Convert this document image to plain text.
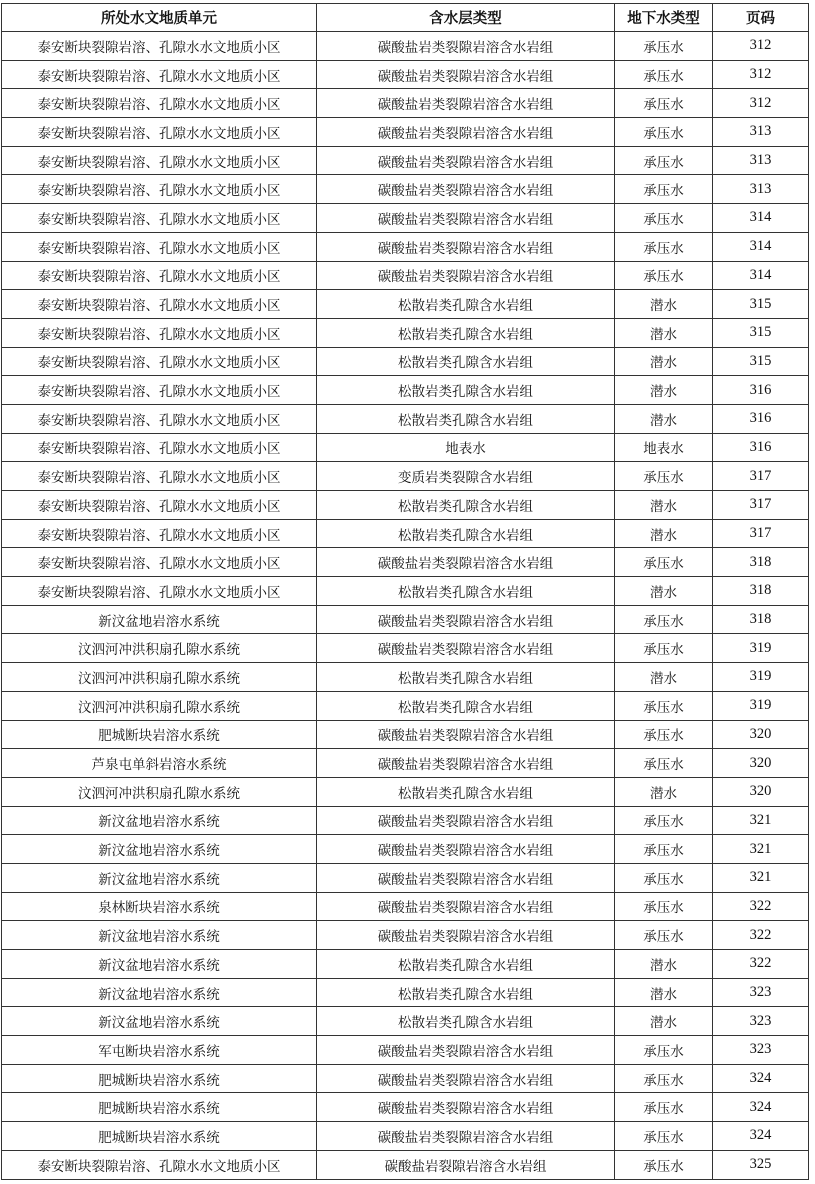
所处水文地质单元	含水层类型	地下水类型	页码
泰安断块裂隙岩溶、孔隙水水文地质小区	碳酸盐岩类裂隙岩溶含水岩组	承压水	312
泰安断块裂隙岩溶、孔隙水水文地质小区	碳酸盐岩类裂隙岩溶含水岩组	承压水	312
泰安断块裂隙岩溶、孔隙水水文地质小区	碳酸盐岩类裂隙岩溶含水岩组	承压水	312
泰安断块裂隙岩溶、孔隙水水文地质小区	碳酸盐岩类裂隙岩溶含水岩组	承压水	313
泰安断块裂隙岩溶、孔隙水水文地质小区	碳酸盐岩类裂隙岩溶含水岩组	承压水	313
泰安断块裂隙岩溶、孔隙水水文地质小区	碳酸盐岩类裂隙岩溶含水岩组	承压水	313
泰安断块裂隙岩溶、孔隙水水文地质小区	碳酸盐岩类裂隙岩溶含水岩组	承压水	314
泰安断块裂隙岩溶、孔隙水水文地质小区	碳酸盐岩类裂隙岩溶含水岩组	承压水	314
泰安断块裂隙岩溶、孔隙水水文地质小区	碳酸盐岩类裂隙岩溶含水岩组	承压水	314
泰安断块裂隙岩溶、孔隙水水文地质小区	松散岩类孔隙含水岩组	潜水	315
泰安断块裂隙岩溶、孔隙水水文地质小区	松散岩类孔隙含水岩组	潜水	315
泰安断块裂隙岩溶、孔隙水水文地质小区	松散岩类孔隙含水岩组	潜水	315
泰安断块裂隙岩溶、孔隙水水文地质小区	松散岩类孔隙含水岩组	潜水	316
泰安断块裂隙岩溶、孔隙水水文地质小区	松散岩类孔隙含水岩组	潜水	316
泰安断块裂隙岩溶、孔隙水水文地质小区	地表水	地表水	316
泰安断块裂隙岩溶、孔隙水水文地质小区	变质岩类裂隙含水岩组	承压水	317
泰安断块裂隙岩溶、孔隙水水文地质小区	松散岩类孔隙含水岩组	潜水	317
泰安断块裂隙岩溶、孔隙水水文地质小区	松散岩类孔隙含水岩组	潜水	317
泰安断块裂隙岩溶、孔隙水水文地质小区	碳酸盐岩类裂隙岩溶含水岩组	承压水	318
泰安断块裂隙岩溶、孔隙水水文地质小区	松散岩类孔隙含水岩组	潜水	318
新汶盆地岩溶水系统	碳酸盐岩类裂隙岩溶含水岩组	承压水	318
汶泗河冲洪积扇孔隙水系统	碳酸盐岩类裂隙岩溶含水岩组	承压水	319
汶泗河冲洪积扇孔隙水系统	松散岩类孔隙含水岩组	潜水	319
汶泗河冲洪积扇孔隙水系统	松散岩类孔隙含水岩组	承压水	319
肥城断块岩溶水系统	碳酸盐岩类裂隙岩溶含水岩组	承压水	320
芦泉屯单斜岩溶水系统	碳酸盐岩类裂隙岩溶含水岩组	承压水	320
汶泗河冲洪积扇孔隙水系统	松散岩类孔隙含水岩组	潜水	320
新汶盆地岩溶水系统	碳酸盐岩类裂隙岩溶含水岩组	承压水	321
新汶盆地岩溶水系统	碳酸盐岩类裂隙岩溶含水岩组	承压水	321
新汶盆地岩溶水系统	碳酸盐岩类裂隙岩溶含水岩组	承压水	321
泉林断块岩溶水系统	碳酸盐岩类裂隙岩溶含水岩组	承压水	322
新汶盆地岩溶水系统	碳酸盐岩类裂隙岩溶含水岩组	承压水	322
新汶盆地岩溶水系统	松散岩类孔隙含水岩组	潜水	322
新汶盆地岩溶水系统	松散岩类孔隙含水岩组	潜水	323
新汶盆地岩溶水系统	松散岩类孔隙含水岩组	潜水	323
军屯断块岩溶水系统	碳酸盐岩类裂隙岩溶含水岩组	承压水	323
肥城断块岩溶水系统	碳酸盐岩类裂隙岩溶含水岩组	承压水	324
肥城断块岩溶水系统	碳酸盐岩类裂隙岩溶含水岩组	承压水	324
肥城断块岩溶水系统	碳酸盐岩类裂隙岩溶含水岩组	承压水	324
泰安断块裂隙岩溶、孔隙水水文地质小区	碳酸盐岩裂隙岩溶含水岩组	承压水	325
